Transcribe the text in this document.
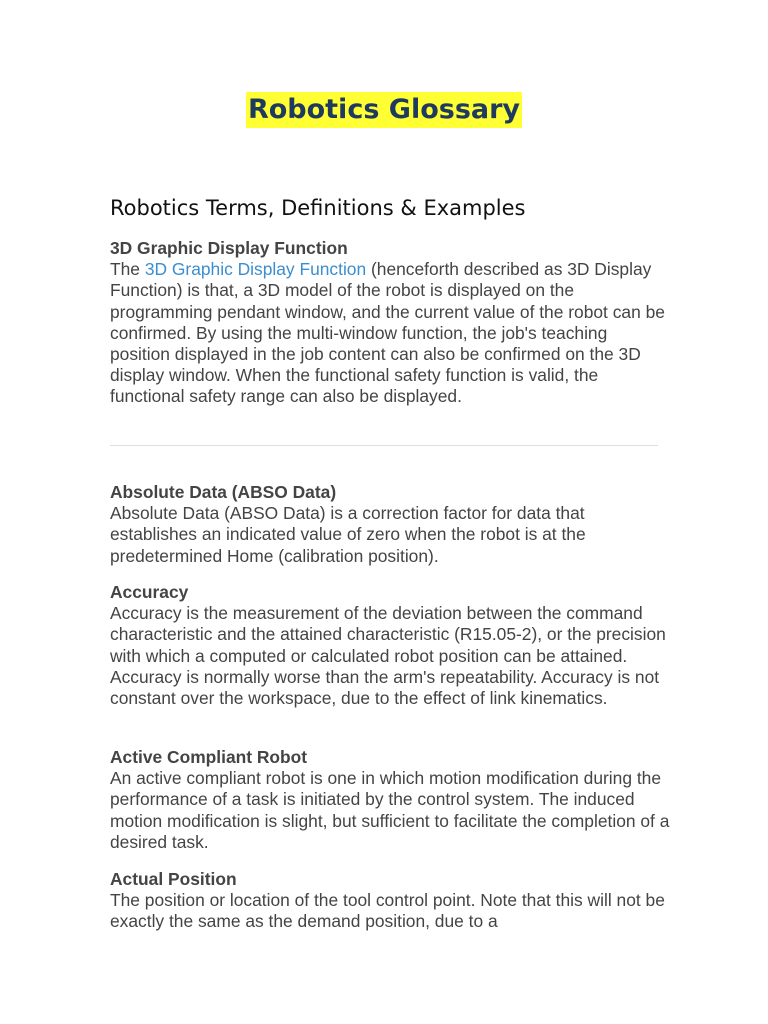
Robotics Glossary
Robotics Terms, Definitions & Examples
3D Graphic Display Function
The 3D Graphic Display Function (henceforth described as 3D Display Function) is that, a 3D model of the robot is displayed on the programming pendant window, and the current value of the robot can be confirmed. By using the multi-window function, the job's teaching position displayed in the job content can also be confirmed on the 3D display window. When the functional safety function is valid, the functional safety range can also be displayed.
Absolute Data (ABSO Data)
Absolute Data (ABSO Data) is a correction factor for data that establishes an indicated value of zero when the robot is at the predetermined Home (calibration position).
Accuracy
Accuracy is the measurement of the deviation between the command characteristic and the attained characteristic (R15.05-2), or the precision with which a computed or calculated robot position can be attained. Accuracy is normally worse than the arm's repeatability. Accuracy is not constant over the workspace, due to the effect of link kinematics.
Active Compliant Robot
An active compliant robot is one in which motion modification during the performance of a task is initiated by the control system. The induced motion modification is slight, but sufficient to facilitate the completion of a desired task.
Actual Position
The position or location of the tool control point. Note that this will not be exactly the same as the demand position, due to a
